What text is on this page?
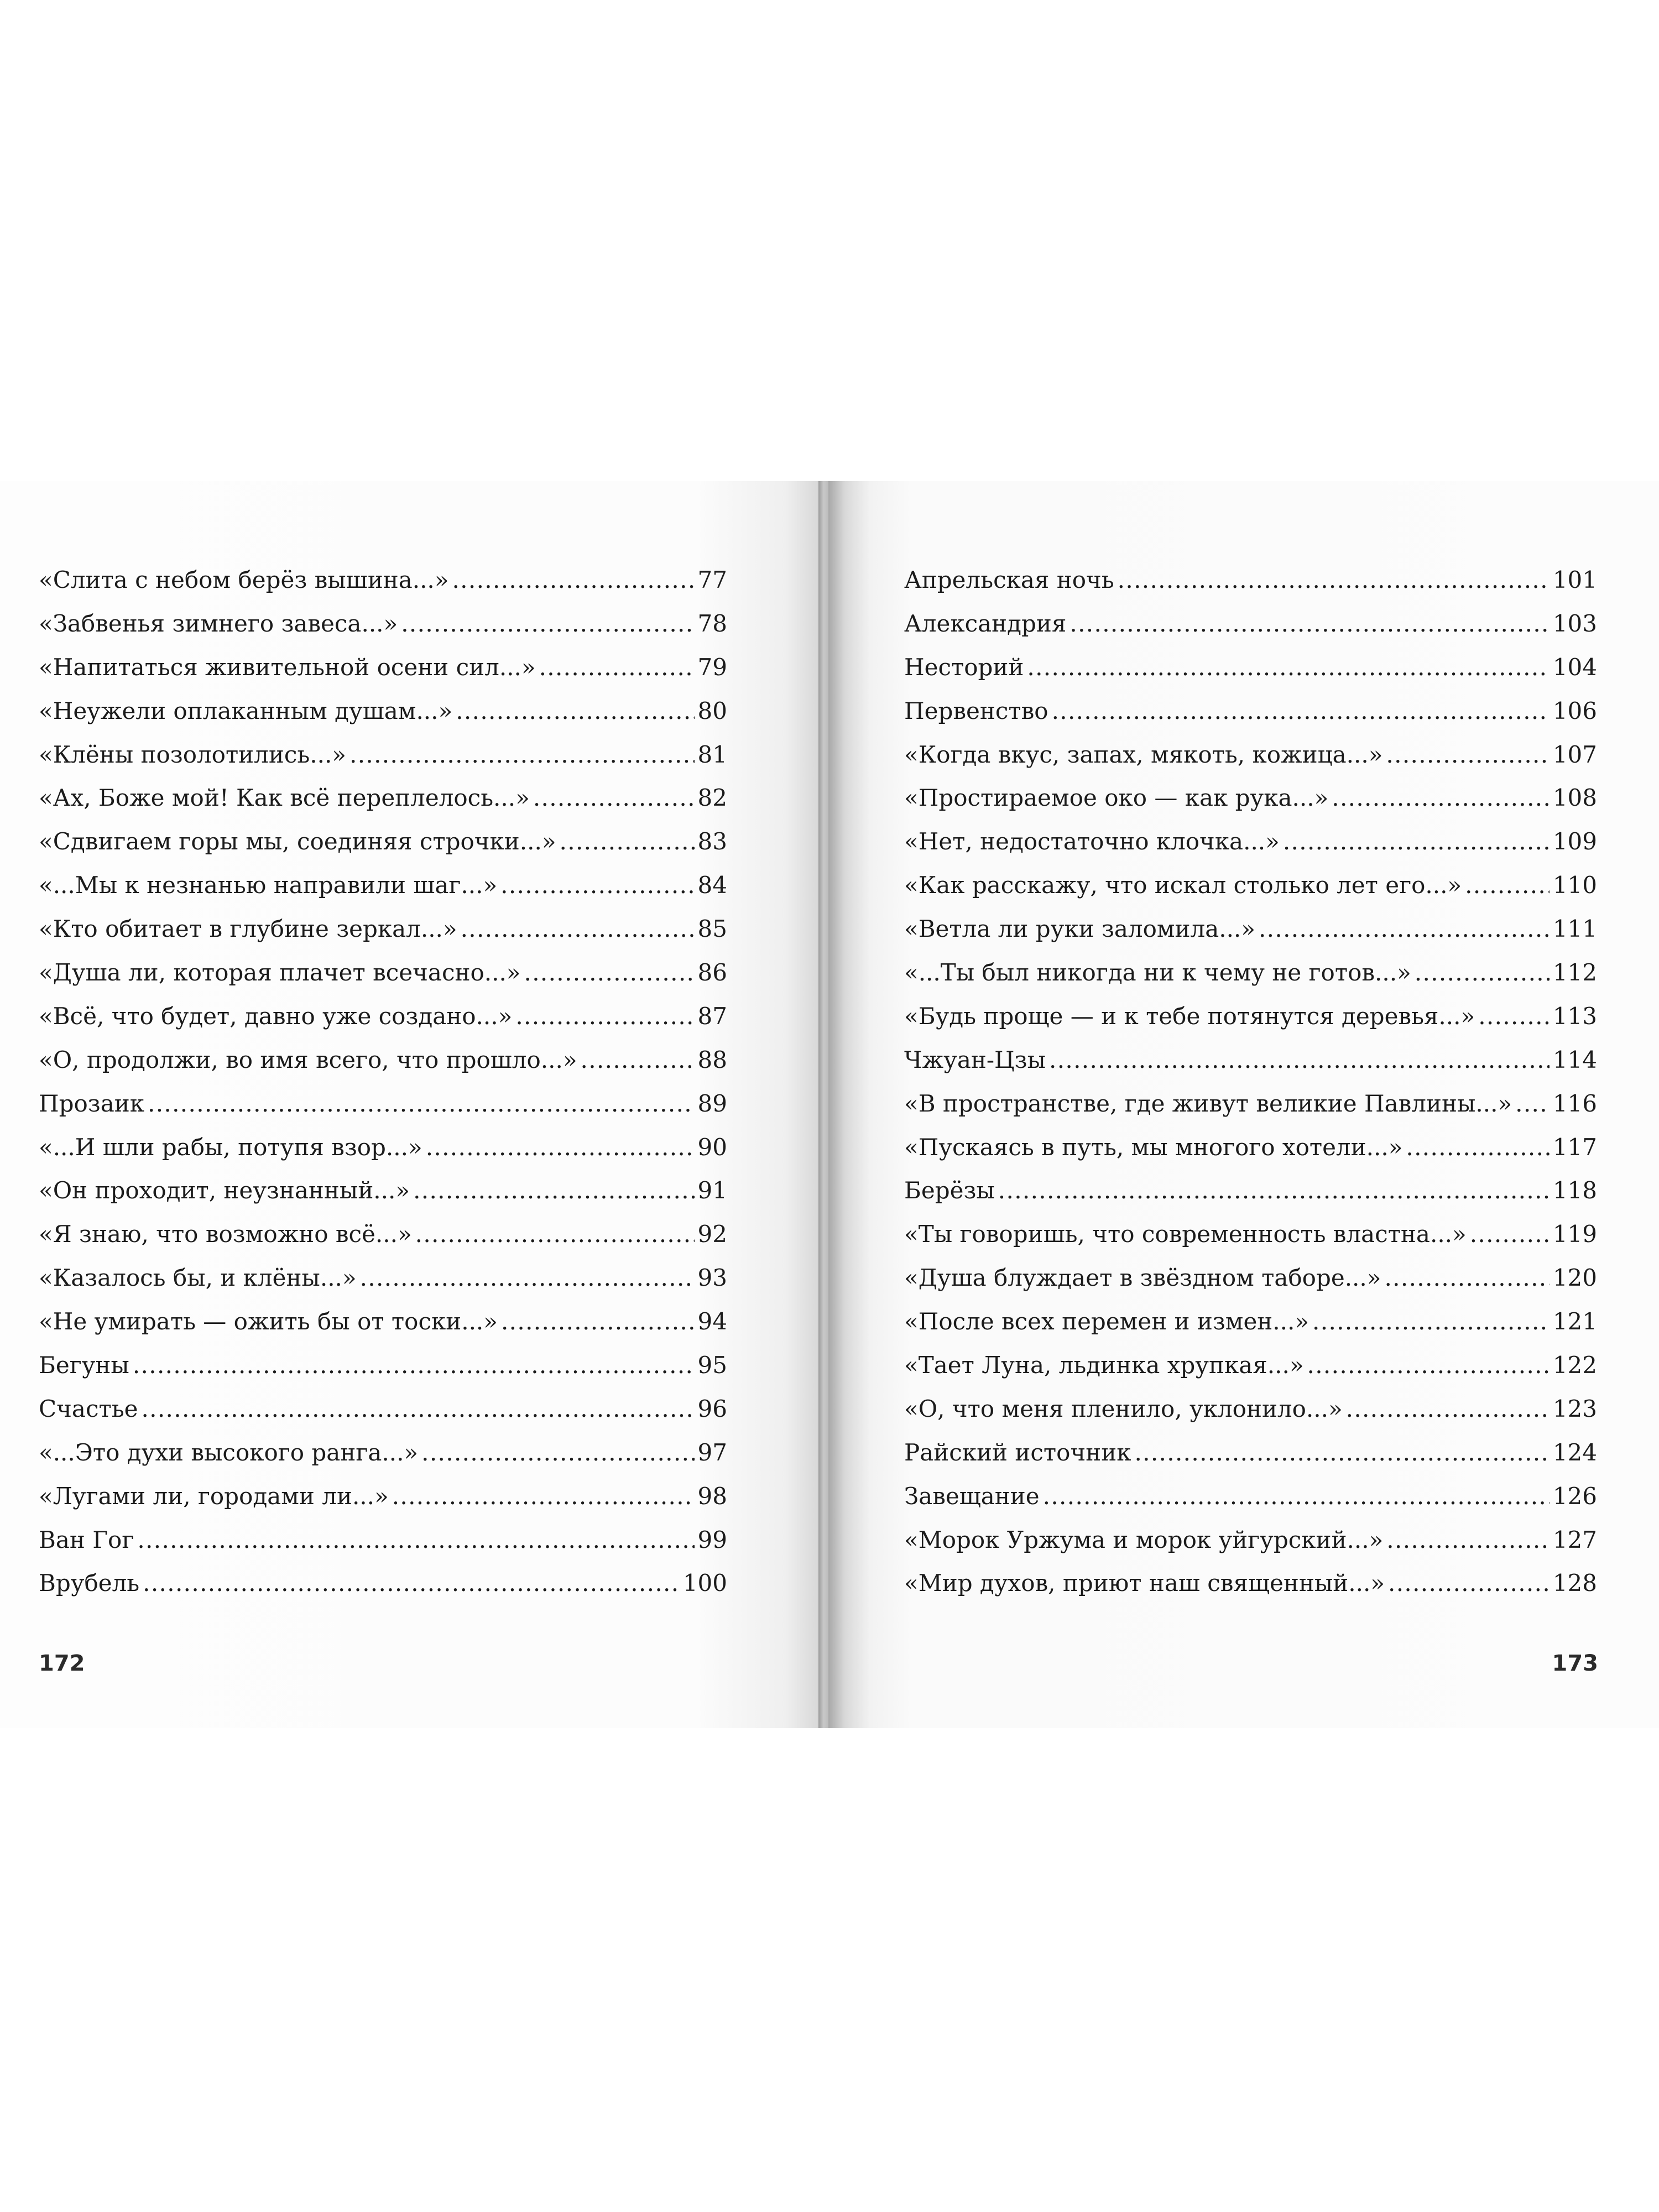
«Слита с небом берёз вышина...» . . .	77
«Забвенья зимнего завеса...» . . .	78
«Напитаться живительной осени сил...» . . .	79
«Неужели оплаканным душам...» . . .	80
«Клёны позолотились...» . . .	81
«Ах, Боже мой! Как всё переплелось...» . . .	82
«Сдвигаем горы мы, соединяя строчки...» . . .	83
«...Мы к незнанью направили шаг...» . . .	84
«Кто обитает в глубине зеркал...» . . .	85
«Душа ли, которая плачет всечасно...» . . .	86
«Всё, что будет, давно уже создано...» . . .	87
«О, продолжи, во имя всего, что прошло...» . . .	88
Прозаик . . .	89
«...И шли рабы, потупя взор...» . . .	90
«Он проходит, неузнанный...» . . .	91
«Я знаю, что возможно всё...» . . .	92
«Казалось бы, и клёны...» . . .	93
«Не умирать — ожить бы от тоски...» . . .	94
Бегуны . . .	95
Счастье . . .	96
«...Это духи высокого ранга...» . . .	97
«Лугами ли, городами ли...» . . .	98
Ван Гог . . .	99
Врубель . . .	100
172
Апрельская ночь . . .	101
Александрия . . .	103
Несторий . . .	104
Первенство . . .	106
«Когда вкус, запах, мякоть, кожица...» . . .	107
«Простираемое око — как рука...» . . .	108
«Нет, недостаточно клочка...» . . .	109
«Как расскажу, что искал столько лет его...» . . .	110
«Ветла ли руки заломила...» . . .	111
«...Ты был никогда ни к чему не готов...» . . .	112
«Будь проще — и к тебе потянутся деревья...» . . .	113
Чжуан-Цзы . . .	114
«В пространстве, где живут великие Павлины...» . . . 116
«Пускаясь в путь, мы многого хотели...» . . .	117
Берёзы . . .	118
«Ты говоришь, что современность властна...» . . .	119
«Душа блуждает в звёздном таборе...» . . .	120
«После всех перемен и измен...» . . .	121
«Тает Луна, льдинка хрупкая...» . . .	122
«О, что меня пленило, уклонило...» . . .	123
Райский источник . . .	124
Завещание . . .	126
«Морок Уржума и морок уйгурский...» . . .	127
«Мир духов, приют наш священный...» . . .	128
173
